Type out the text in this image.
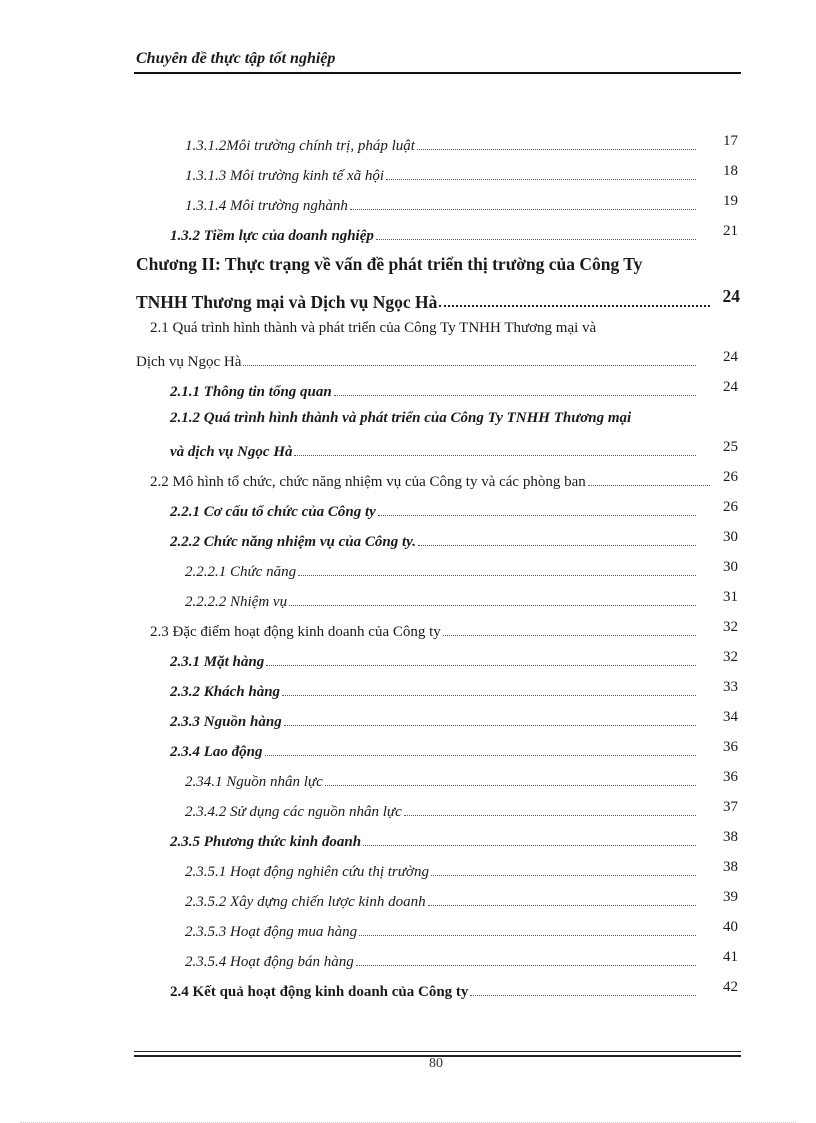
Chuyên đề thực tập tốt nghiệp
1.3.1.2Môi trường chính trị, pháp luật	17
1.3.1.3 Môi trường kinh tế xã hội	18
1.3.1.4 Môi trường nghành	19
1.3.2 Tiềm lực của doanh nghiệp	21
Chương II: Thực trạng về vấn đề phát triển thị trường của Công Ty
TNHH Thương mại và Dịch vụ Ngọc Hà	24
2.1 Quá trình hình thành và phát triển của Công Ty TNHH Thương mại và
Dịch vụ Ngọc Hà	24
2.1.1 Thông tin tổng quan	24
2.1.2 Quá trình hình thành và phát triển của Công Ty TNHH Thương mại
và dịch vụ Ngọc Hà	25
2.2 Mô hình tổ chức, chức năng nhiệm vụ của Công ty và các phòng ban	26
2.2.1 Cơ cấu tổ chức của Công ty	26
2.2.2 Chức năng nhiệm vụ của Công ty.	30
2.2.2.1 Chức năng	30
2.2.2.2 Nhiệm vụ	31
2.3 Đặc điểm hoạt động kinh doanh của Công ty	32
2.3.1 Mặt hàng	32
2.3.2 Khách hàng	33
2.3.3 Nguồn hàng	34
2.3.4 Lao động	36
2.34.1 Nguồn nhân lực	36
2.3.4.2 Sử dụng các nguồn nhân lực	37
2.3.5 Phương thức kinh đoanh	38
2.3.5.1 Hoạt động nghiên cứu thị trường	38
2.3.5.2 Xây dựng chiến lược kinh doanh	39
2.3.5.3 Hoạt động mua hàng	40
2.3.5.4 Hoạt động bán hàng	41
2.4 Kết quả hoạt động kinh doanh của Công ty	42
80
